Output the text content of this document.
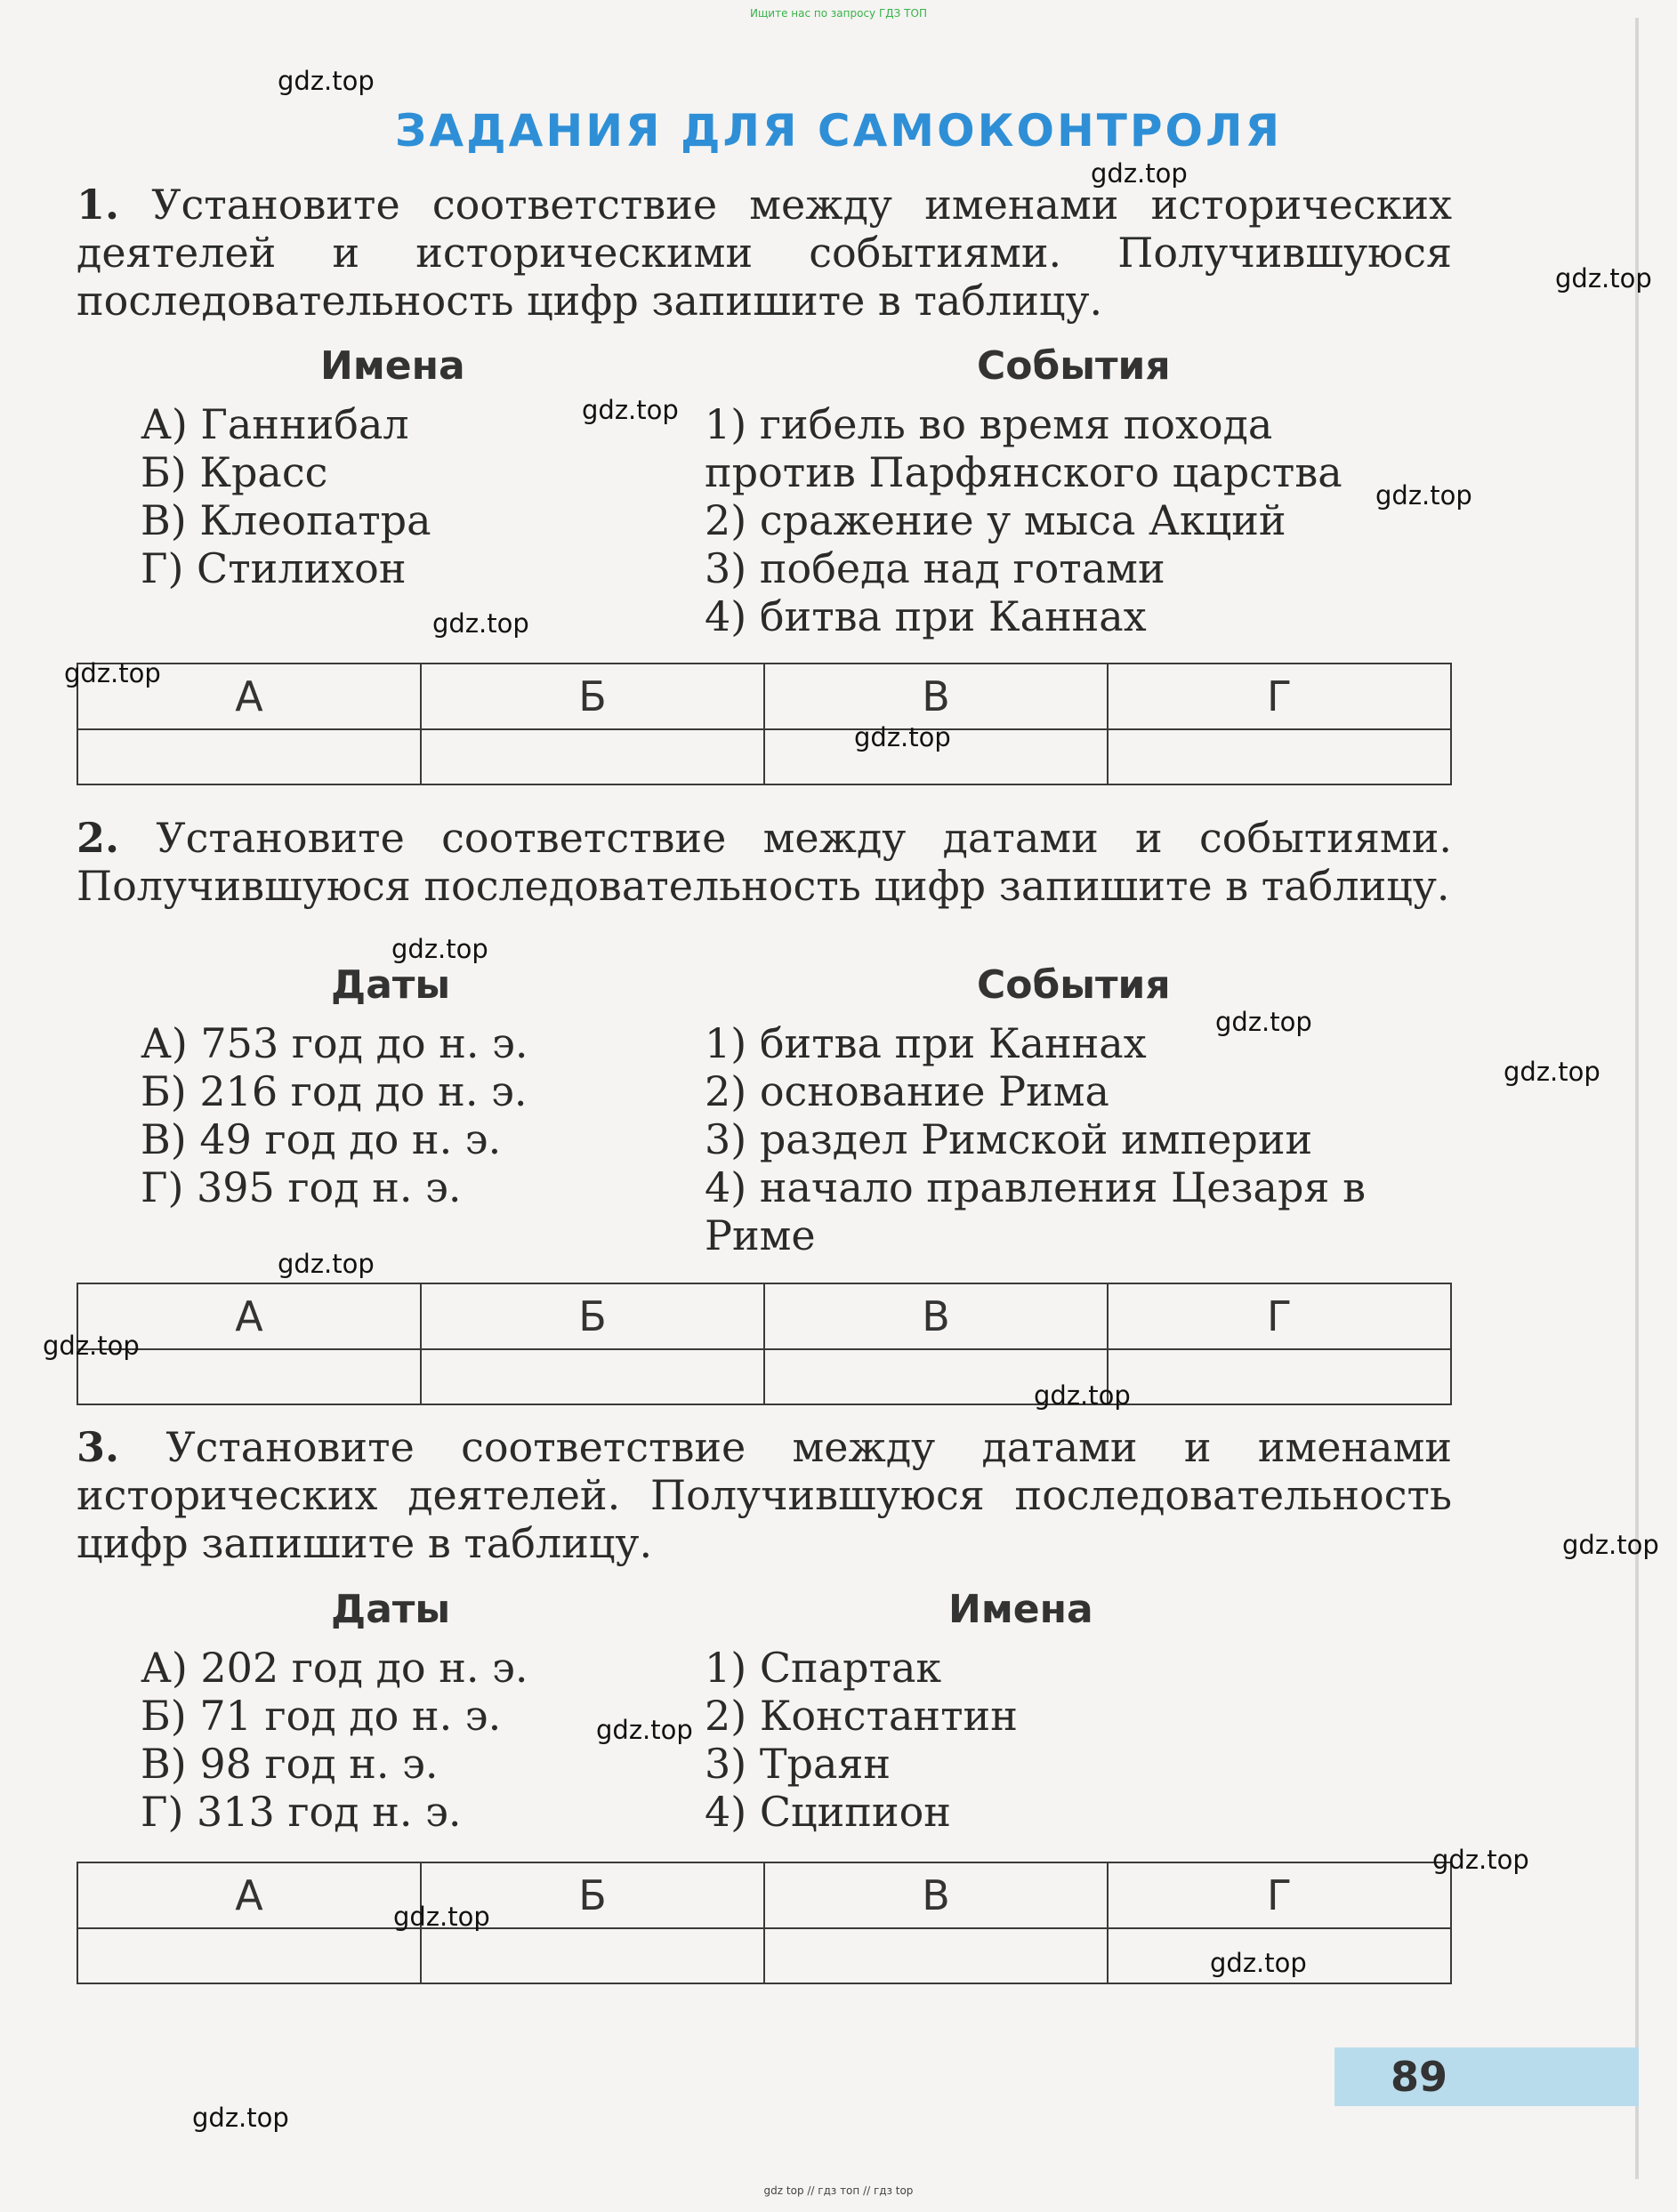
Ищите нас по запросу ГДЗ ТОП
ЗАДАНИЯ ДЛЯ САМОКОНТРОЛЯ
1. Установите соответствие между именами исторических деятелей и историческими событиями. Получившуюся последовательность цифр запишите в таблицу.
Имена	События
А) Ганнибал
Б) Красс
В) Клеопатра
Г) Стилихон
1) гибель во время похода против Парфянского царства
2) сражение у мыса Акций
3) победа над готами
4) битва при Каннах
А	Б	В	Г

2. Установите соответствие между датами и событиями. Получившуюся последовательность цифр запишите в таблицу.
Даты	События
А) 753 год до н. э.
Б) 216 год до н. э.
В) 49 год до н. э.
Г) 395 год н. э.
1) битва при Каннах
2) основание Рима
3) раздел Римской империи
4) начало правления Цезаря в Риме
А	Б	В	Г

3. Установите соответствие между датами и именами исторических деятелей. Получившуюся последовательность цифр запишите в таблицу.
Даты	Имена
А) 202 год до н. э.
Б) 71 год до н. э.
В) 98 год н. э.
Г) 313 год н. э.
1) Спартак
2) Константин
3) Траян
4) Сципион
А	Б	В	Г

89
gdz.top
gdz.top
gdz.top
gdz.top
gdz.top
gdz.top
gdz.top
gdz.top
gdz.top
gdz.top
gdz.top
gdz.top
gdz.top
gdz.top
gdz.top
gdz.top
gdz.top
gdz.top
gdz.top
gdz.top
gdz top // гдз топ // гдз top
